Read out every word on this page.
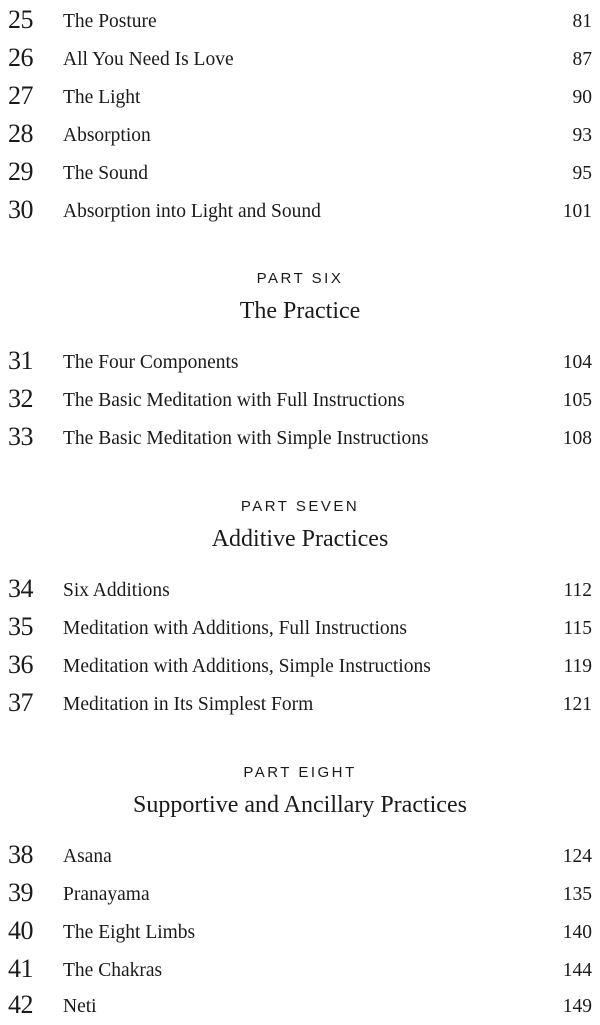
25 The Posture	81
26 All You Need Is Love	87
27 The Light	90
28 Absorption	93
29 The Sound	95
30 Absorption into Light and Sound	101
PART SIX
The Practice
31 The Four Components	104
32 The Basic Meditation with Full Instructions	105
33 The Basic Meditation with Simple Instructions	108
PART SEVEN
Additive Practices
34 Six Additions	112
35 Meditation with Additions, Full Instructions	115
36 Meditation with Additions, Simple Instructions	119
37 Meditation in Its Simplest Form	121
PART EIGHT
Supportive and Ancillary Practices
38 Asana	124
39 Pranayama	135
40 The Eight Limbs	140
41 The Chakras	144
42 Neti	149
